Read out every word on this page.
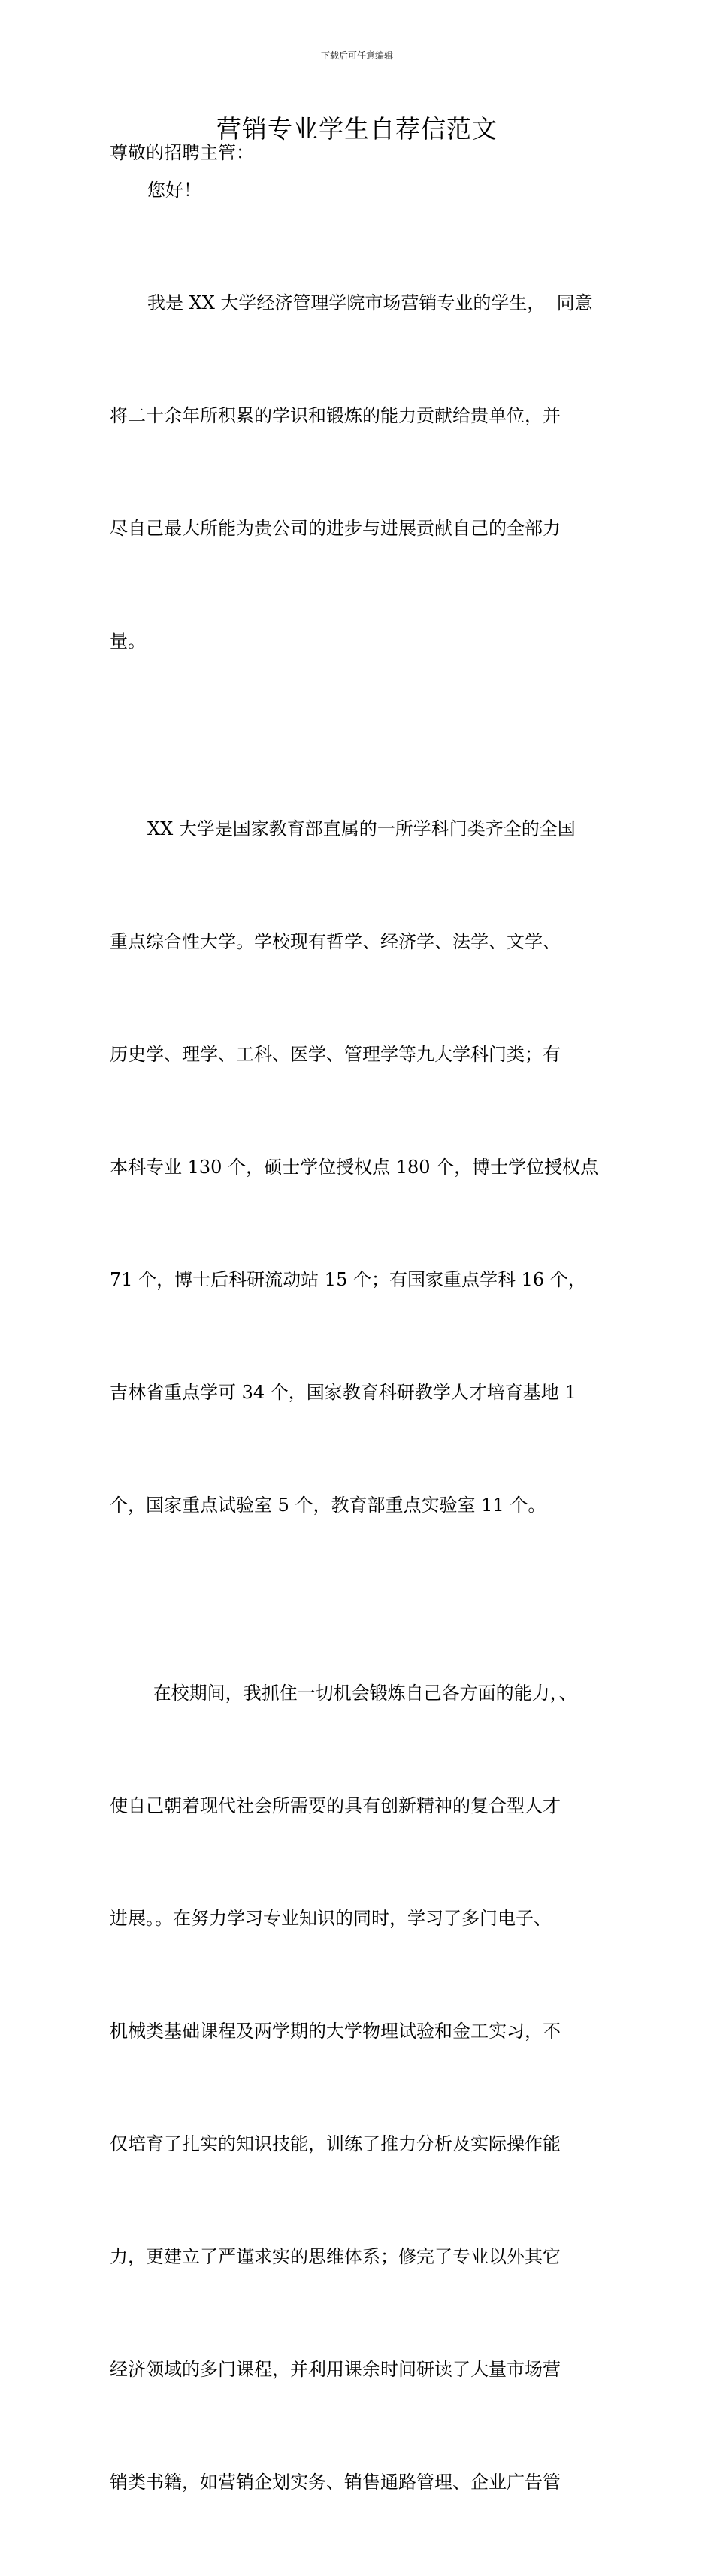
下载后可任意编辑
营销专业学生自荐信范文
尊敬的招聘主管：
您好！

我是 XX 大学经济管理学院市场营销专业的学生，  同意

将二十余年所积累的学识和锻炼的能力贡献给贵单位，并

尽自己最大所能为贵公司的进步与进展贡献自己的全部力

量。

XX 大学是国家教育部直属的一所学科门类齐全的全国

重点综合性大学。学校现有哲学、经济学、法学、文学、

历史学、理学、工科、医学、管理学等九大学科门类；有

本科专业 130 个，硕士学位授权点 180 个，博士学位授权点

71 个，博士后科研流动站 15 个；有国家重点学科 16 个，

吉林省重点学可 34 个，国家教育科研教学人才培育基地 1

个，国家重点试验室 5 个，教育部重点实验室 11 个。

在校期间，我抓住一切机会锻炼自己各方面的能力，、

使自己朝着现代社会所需要的具有创新精神的复合型人才

进展。。在努力学习专业知识的同时，学习了多门电子、

机械类基础课程及两学期的大学物理试验和金工实习，不

仅培育了扎实的知识技能，训练了推力分析及实际操作能

力，更建立了严谨求实的思维体系；修完了专业以外其它

经济领域的多门课程，并利用课余时间研读了大量市场营

销类书籍，如营销企划实务、销售通路管理、企业广告管
